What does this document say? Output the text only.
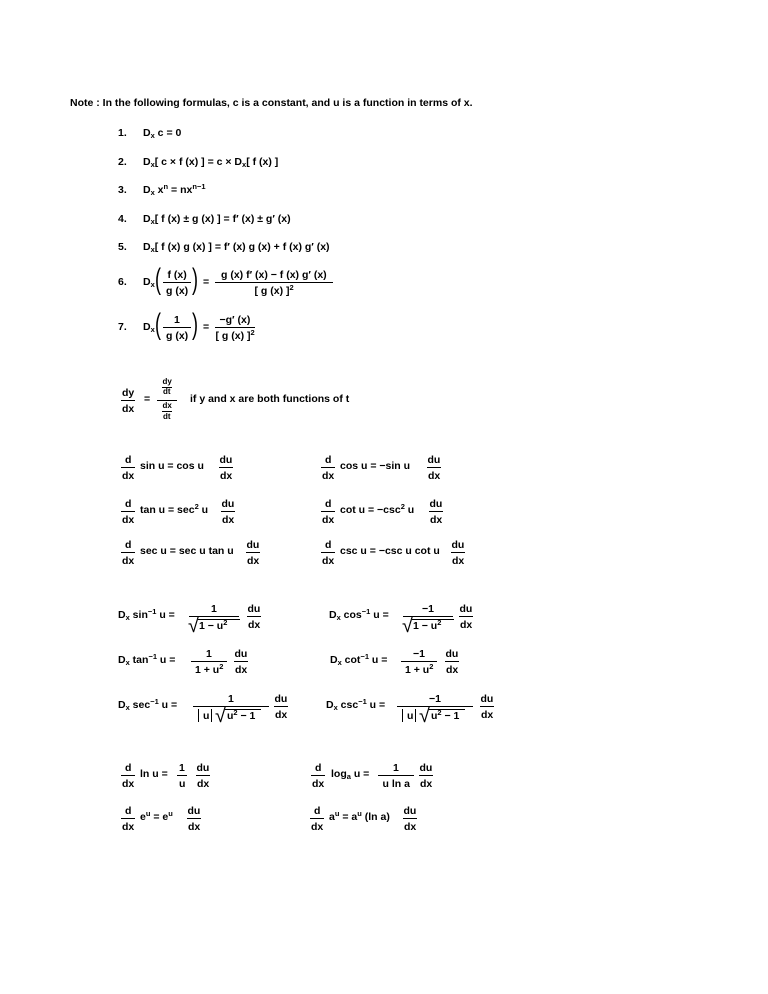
Note : In the following formulas, c is a constant, and u is a function in terms of x.
1. Dx c = 0
2. Dx[ c × f (x) ] = c × Dx[ f (x) ]
3. Dx $x^n = nx^{n-1}$
4. Dx[ f (x) ± g (x) ] = f′ (x) ± g′ (x)
5. Dx[ f (x) g (x) ] = f′ (x) g (x) + f (x) g′ (x)
6. Dx ( f (x)
g (x) ) =
g (x) f′ (x) − f (x) g′ (x)
[ g (x) ]$^2$
7. Dx ( 1
g (x) ) =
−g′ (x)
[ g (x) ]$^2$
dy
dx
=
dy
dt
dx
dt
if y and x are both functions of t
d
dx
sin u = cos u du
dx
d
dx
cos u = −sin u du
dx
d
dx
$\tan u = \sec^2 u$ du
dx
d
dx
$\cot u = -\csc^2$ u du
dx
d
dx
sec u = sec u tan u du
dx
d
dx
csc u = −csc u cot u du
dx
Dx $\sin^{-1} u$ =	1
√ $1 - u^2$
du
dx
Dx $\cos^{-1} u$ =	−1
√ $1 - u^2$
du
dx
Dx $\tan^{-1} u$ =	1
$1 + u^2$
du
dx
Dx $\cot^{-1} u = -1$
$1 + u^2$
du
dx
Dx $\sec^{-1} u$ =	1
u √ $u^2 - 1$
du
dx
Dx $\csc^{-1} u$ =	−1
u √ $u^2 - 1$
du
dx
d
dx
ln u = 1
u
du
dx
d
dx
loga u = 1
u ln a
du
dx
d
dx
$e^u = e^u$ du
dx
d
dx
$a^u = a^u$ (ln a) du
dx
